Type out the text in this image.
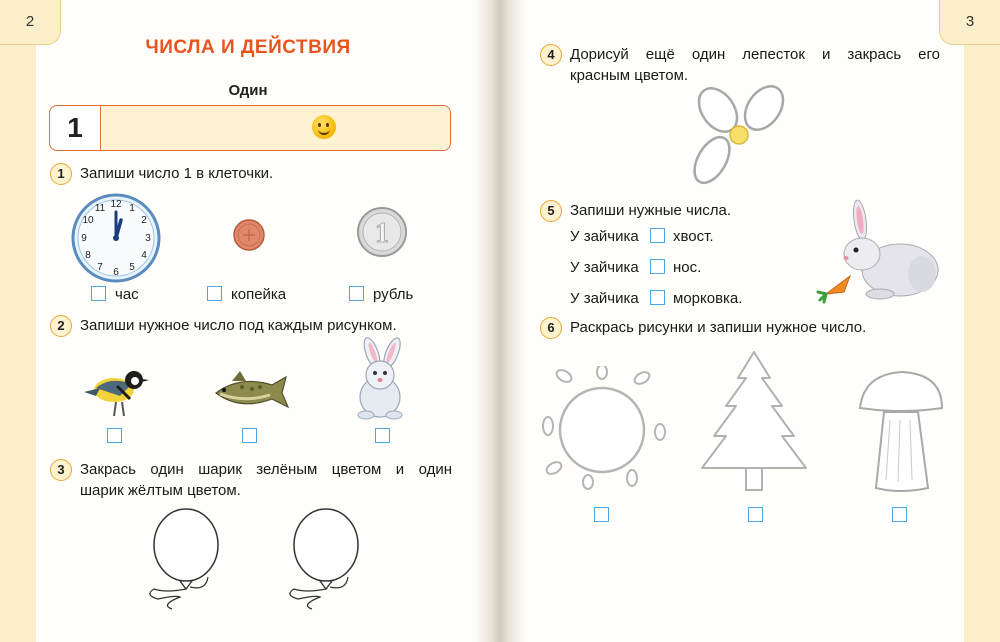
2
ЧИСЛА И ДЕЙСТВИЯ
Один
1
1	Запиши число 1 в клеточки.
12 1
2
3
4
5
6
7
8
9
10
11
1
час	копейка	рубль
2	Запиши нужное число под каждым рисунком.
3	Закрась один шарик зелёным цветом и один
шарик жёлтым цветом.
3
4	Дорисуй ещё один лепесток и закрась его
красным цветом.
5	Запиши нужные числа.
У зайчика хвост.
У зайчика нос.
У зайчика морковка.
6	Раскрась рисунки и запиши нужное число.
